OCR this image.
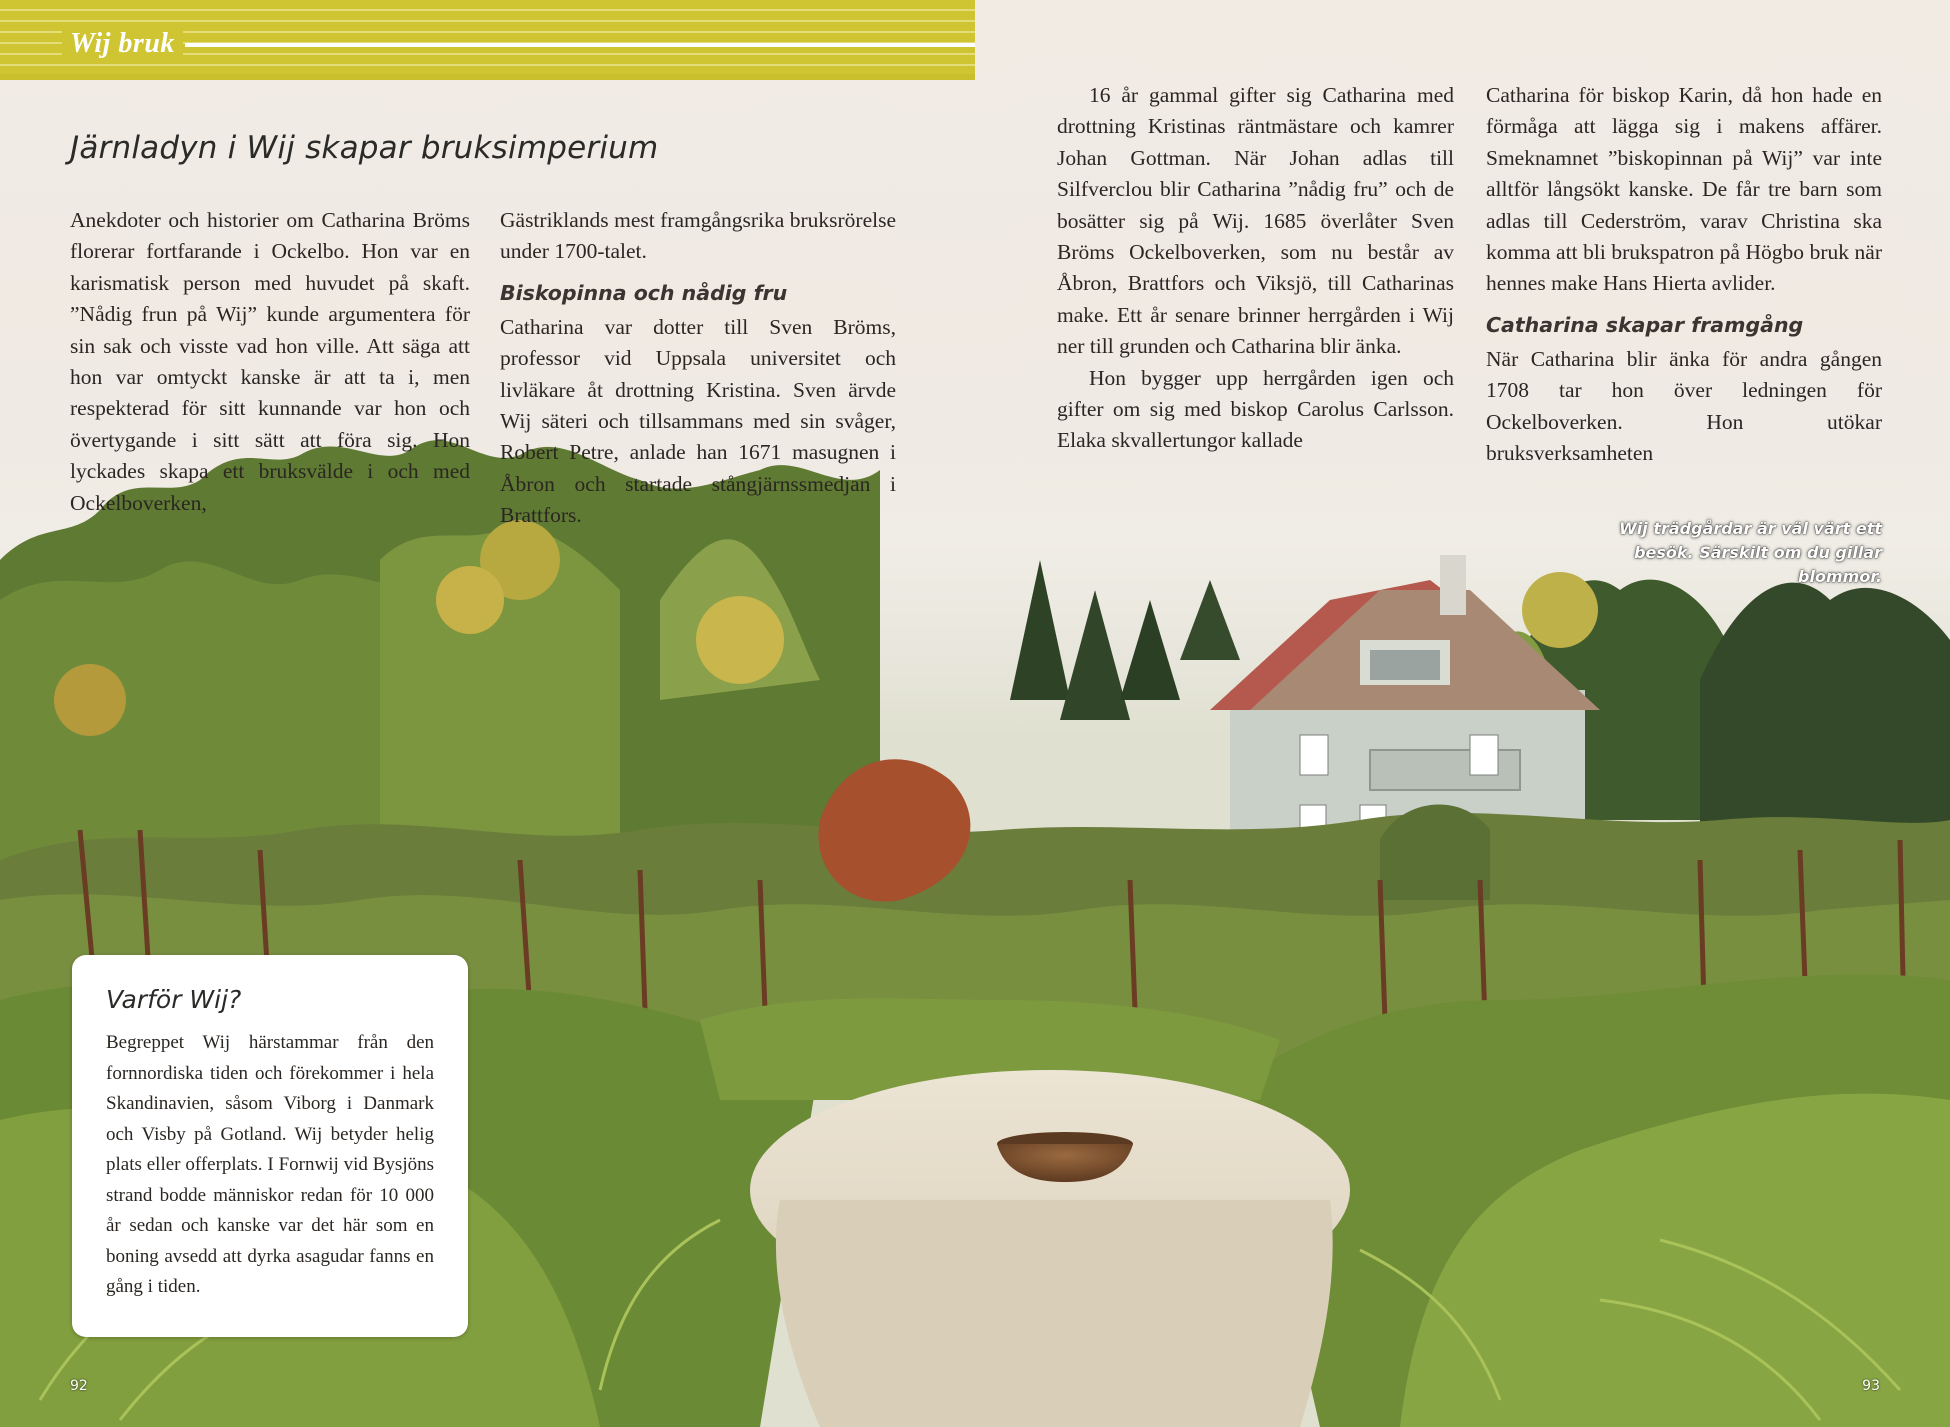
Wij bruk
Järnladyn i Wij skapar bruksimperium

Anekdoter och historier om Catharina Bröms florerar fortfarande i Ockelbo. Hon var en karismatisk person med huvudet på skaft. ”Nådig frun på Wij” kunde argumentera för sin sak och visste vad hon ville. Att säga att hon var omtyckt kanske är att ta i, men respekterad för sitt kunnande var hon och övertygande i sitt sätt att föra sig. Hon lyckades skapa ett bruksvälde i och med Ockelboverken,

Gästriklands mest framgångsrika bruksrörelse under 1700-talet.

Biskopinna och nådig fru

Catharina var dotter till Sven Bröms, professor vid Uppsala universitet och livläkare åt drottning Kristina. Sven ärvde Wij säteri och tillsammans med sin svåger, Robert Petre, anlade han 1671 masugnen i Åbron och startade stångjärnssmedjan i Brattfors.

16 år gammal gifter sig Catharina med drottning Kristinas räntmästare och kamrer Johan Gottman. När Johan adlas till Silfverclou blir Catharina ”nådig fru” och de bosätter sig på Wij. 1685 överlåter Sven Bröms Ockelboverken, som nu består av Åbron, Brattfors och Viksjö, till Catharinas make. Ett år senare brinner herrgården i Wij ner till grunden och Catharina blir änka.

Hon bygger upp herrgården igen och gifter om sig med biskop Carolus Carlsson. Elaka skvallertungor kallade

Catharina för biskop Karin, då hon hade en förmåga att lägga sig i makens affärer. Smeknamnet ”biskopinnan på Wij” var inte alltför långsökt kanske. De får tre barn som adlas till Cederström, varav Christina ska komma att bli brukspatron på Högbo bruk när hennes make Hans Hierta avlider.

Catharina skapar framgång

När Catharina blir änka för andra gången 1708 tar hon över ledningen för Ockelboverken. Hon utökar bruksverksamheten

Wij trädgårdar är väl värt ett besök. Särskilt om du gillar blommor.
Varför Wij?

Begreppet Wij härstammar från den fornnordiska tiden och förekommer i hela Skandinavien, såsom Viborg i Danmark och Visby på Gotland. Wij betyder helig plats eller offerplats. I Fornwij vid Bysjöns strand bodde människor redan för 10 000 år sedan och kanske var det här som en boning avsedd att dyrka asagudar fanns en gång i tiden.

92	93
